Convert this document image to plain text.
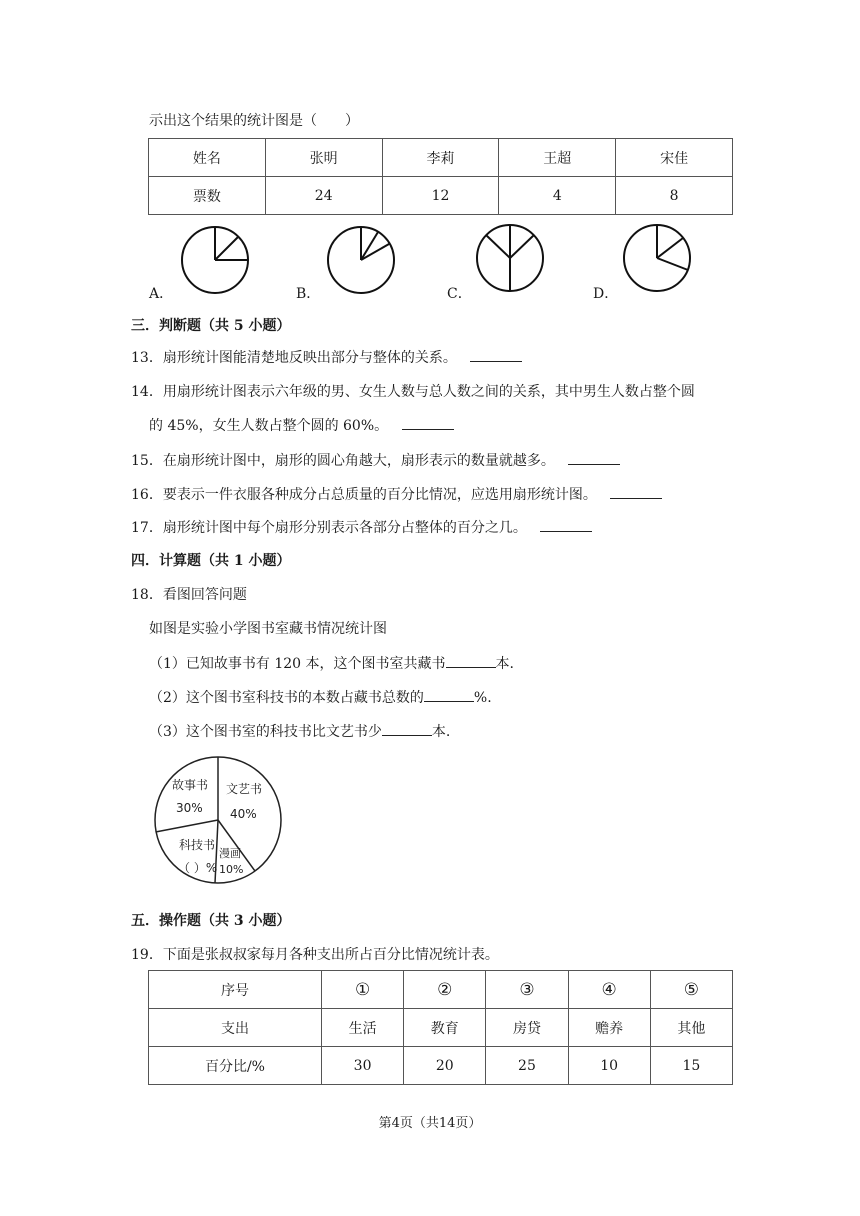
示出这个结果的统计图是（　　）
姓名	张明	李莉	王超	宋佳
票数	24	12	4	8
A．	B．	C．	D．
三．判断题（共 5 小题）
13．扇形统计图能清楚地反映出部分与整体的关系。
14．用扇形统计图表示六年级的男、女生人数与总人数之间的关系，其中男生人数占整个圆
的 45%，女生人数占整个圆的 60%。
15．在扇形统计图中，扇形的圆心角越大，扇形表示的数量就越多。
16．要表示一件衣服各种成分占总质量的百分比情况，应选用扇形统计图。
17．扇形统计图中每个扇形分别表示各部分占整体的百分之几。
四．计算题（共 1 小题）
18．看图回答问题
如图是实验小学图书室藏书情况统计图
（1）已知故事书有 120 本，这个图书室共藏书	本.
（2）这个图书室科技书的本数占藏书总数的	%.
（3）这个图书室的科技书比文艺书少	本.
故事书
30%
文艺书
40%
科技书
（ ）%
漫画
10%
五．操作题（共 3 小题）
19．下面是张叔叔家每月各种支出所占百分比情况统计表。
序号	①	②	③	④	⑤
支出	生活	教育	房贷	赡养	其他
百分比/%	30	20	25	10	15
第4页（共14页）
